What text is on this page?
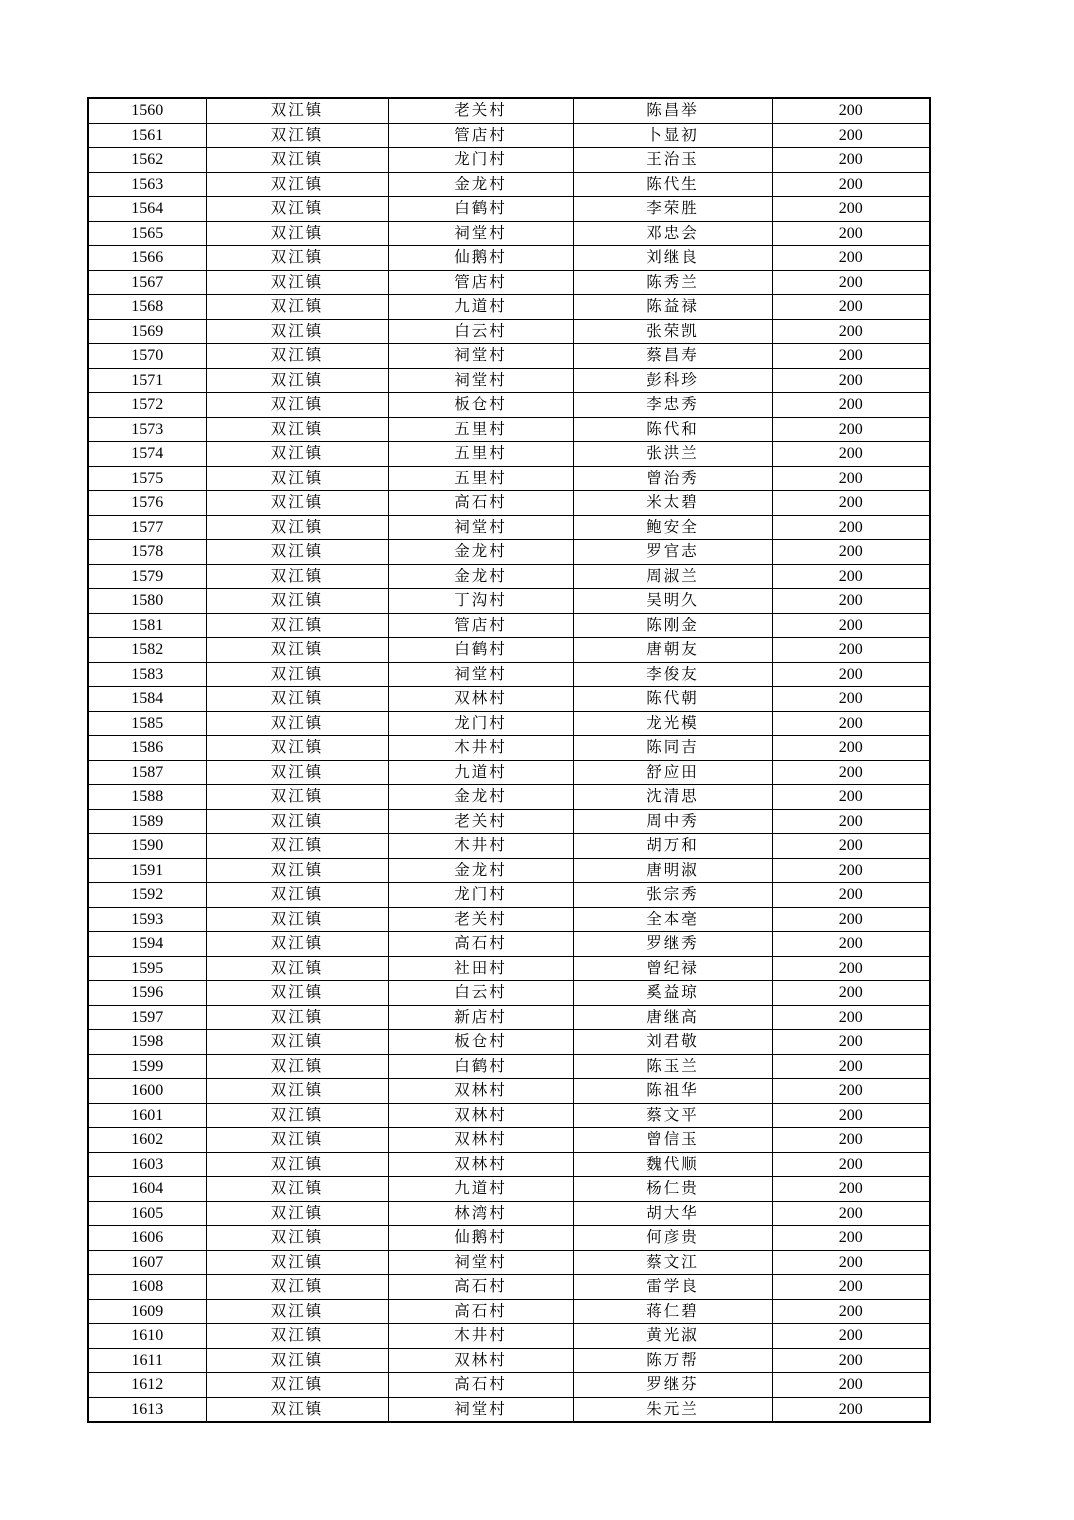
1560	双江镇	老关村	陈昌举	200
1561	双江镇	管店村	卜显初	200
1562	双江镇	龙门村	王治玉	200
1563	双江镇	金龙村	陈代生	200
1564	双江镇	白鹤村	李荣胜	200
1565	双江镇	祠堂村	邓忠会	200
1566	双江镇	仙鹅村	刘继良	200
1567	双江镇	管店村	陈秀兰	200
1568	双江镇	九道村	陈益禄	200
1569	双江镇	白云村	张荣凯	200
1570	双江镇	祠堂村	蔡昌寿	200
1571	双江镇	祠堂村	彭科珍	200
1572	双江镇	板仓村	李忠秀	200
1573	双江镇	五里村	陈代和	200
1574	双江镇	五里村	张洪兰	200
1575	双江镇	五里村	曾治秀	200
1576	双江镇	高石村	米太碧	200
1577	双江镇	祠堂村	鲍安全	200
1578	双江镇	金龙村	罗官志	200
1579	双江镇	金龙村	周淑兰	200
1580	双江镇	丁沟村	吴明久	200
1581	双江镇	管店村	陈刚金	200
1582	双江镇	白鹤村	唐朝友	200
1583	双江镇	祠堂村	李俊友	200
1584	双江镇	双林村	陈代朝	200
1585	双江镇	龙门村	龙光模	200
1586	双江镇	木井村	陈同吉	200
1587	双江镇	九道村	舒应田	200
1588	双江镇	金龙村	沈清思	200
1589	双江镇	老关村	周中秀	200
1590	双江镇	木井村	胡万和	200
1591	双江镇	金龙村	唐明淑	200
1592	双江镇	龙门村	张宗秀	200
1593	双江镇	老关村	全本亳	200
1594	双江镇	高石村	罗继秀	200
1595	双江镇	社田村	曾纪禄	200
1596	双江镇	白云村	奚益琼	200
1597	双江镇	新店村	唐继高	200
1598	双江镇	板仓村	刘君敬	200
1599	双江镇	白鹤村	陈玉兰	200
1600	双江镇	双林村	陈祖华	200
1601	双江镇	双林村	蔡文平	200
1602	双江镇	双林村	曾信玉	200
1603	双江镇	双林村	魏代顺	200
1604	双江镇	九道村	杨仁贵	200
1605	双江镇	林湾村	胡大华	200
1606	双江镇	仙鹅村	何彦贵	200
1607	双江镇	祠堂村	蔡文江	200
1608	双江镇	高石村	雷学良	200
1609	双江镇	高石村	蒋仁碧	200
1610	双江镇	木井村	黄光淑	200
1611	双江镇	双林村	陈万帮	200
1612	双江镇	高石村	罗继芬	200
1613	双江镇	祠堂村	朱元兰	200
